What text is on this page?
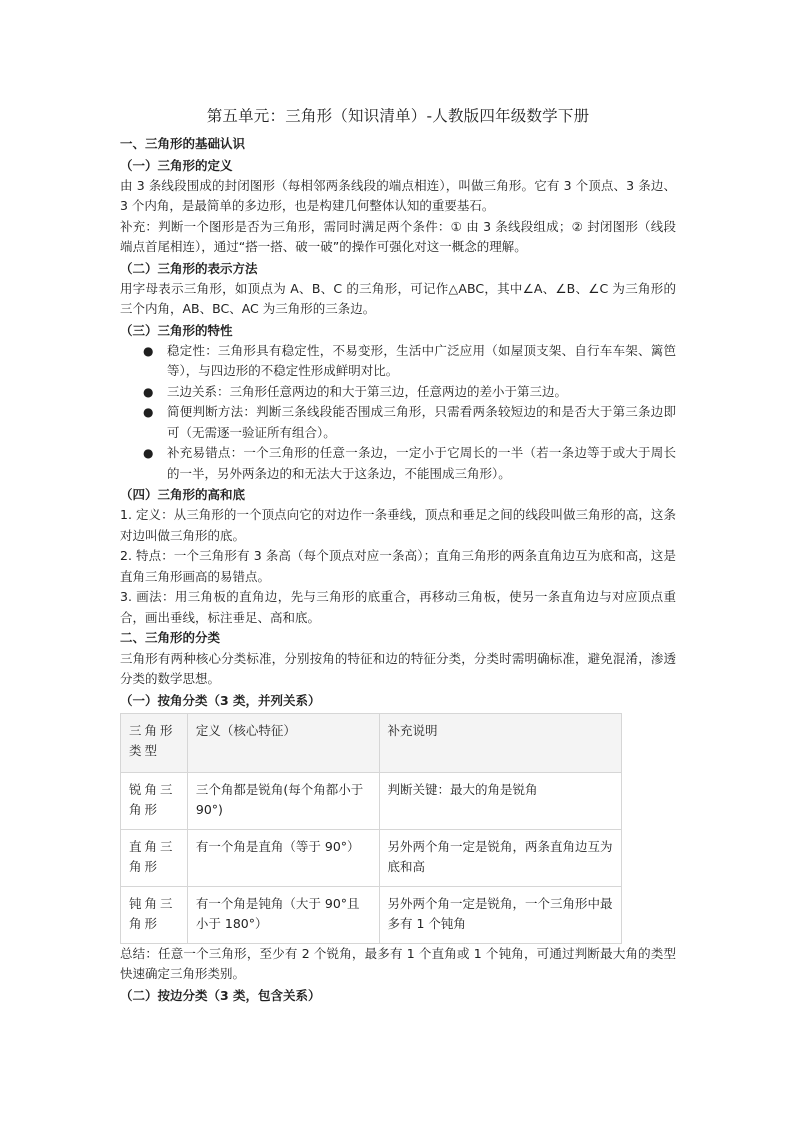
第五单元：三角形（知识清单）-人教版四年级数学下册
一、三角形的基础认识
（一）三角形的定义

由 3 条线段围成的封闭图形（每相邻两条线段的端点相连），叫做三角形。它有 3 个顶点、3 条边、3 个内角，是最简单的多边形，也是构建几何整体认知的重要基石。

补充：判断一个图形是否为三角形，需同时满足两个条件：① 由 3 条线段组成；② 封闭图形（线段端点首尾相连），通过“搭一搭、破一破”的操作可强化对这一概念的理解。

（二）三角形的表示方法

用字母表示三角形，如顶点为 A、B、C 的三角形，可记作△ABC，其中∠A、∠B、∠C 为三角形的三个内角，AB、BC、AC 为三角形的三条边。

（三）三角形的特性
● 稳定性：三角形具有稳定性，不易变形，生活中广泛应用（如屋顶支架、自行车车架、篱笆等），与四边形的不稳定性形成鲜明对比。
● 三边关系：三角形任意两边的和大于第三边，任意两边的差小于第三边。
● 简便判断方法：判断三条线段能否围成三角形，只需看两条较短边的和是否大于第三条边即可（无需逐一验证所有组合）。
● 补充易错点：一个三角形的任意一条边，一定小于它周长的一半（若一条边等于或大于周长的一半，另外两条边的和无法大于这条边，不能围成三角形）。
（四）三角形的高和底

1. 定义：从三角形的一个顶点向它的对边作一条垂线，顶点和垂足之间的线段叫做三角形的高，这条对边叫做三角形的底。

2. 特点：一个三角形有 3 条高（每个顶点对应一条高）；直角三角形的两条直角边互为底和高，这是直角三角形画高的易错点。

3. 画法：用三角板的直角边，先与三角形的底重合，再移动三角板，使另一条直角边与对应顶点重合，画出垂线，标注垂足、高和底。

二、三角形的分类

三角形有两种核心分类标准，分别按角的特征和边的特征分类，分类时需明确标准，避免混淆，渗透分类的数学思想。

（一）按角分类（3 类，并列关系）
三角形类型	定义（核心特征）	补充说明
锐角三角形	三个角都是锐角(每个角都小于 90°)	判断关键：最大的角是锐角
直角三角形	有一个角是直角（等于 90°）	另外两个角一定是锐角，两条直角边互为底和高
钝角三角形	有一个角是钝角（大于 90°且小于 180°）	另外两个角一定是锐角，一个三角形中最多有 1 个钝角

总结：任意一个三角形，至少有 2 个锐角，最多有 1 个直角或 1 个钝角，可通过判断最大角的类型快速确定三角形类别。

（二）按边分类（3 类，包含关系）
